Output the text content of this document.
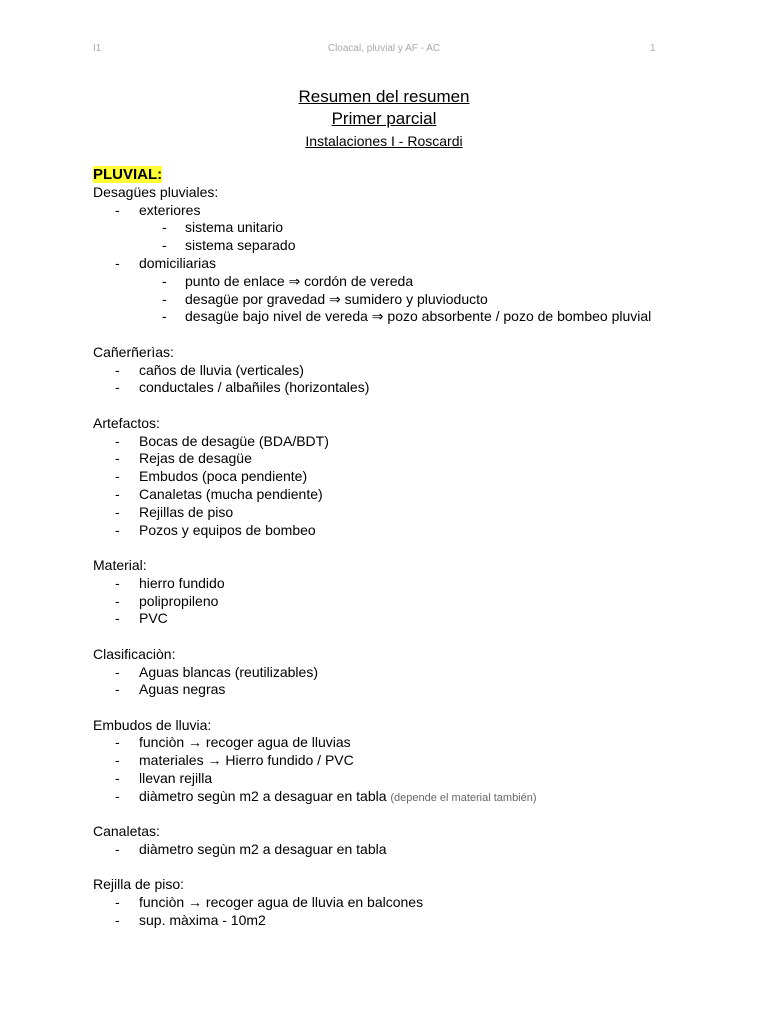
I1	Cloacal, pluvial y AF - AC	1
Resumen del resumen
Primer parcial
Instalaciones I - Roscardi
PLUVIAL:
Desagües pluviales:
- exteriores
- sistema unitario
- sistema separado
- domiciliarias
- punto de enlace ⇒ cordón de vereda
- desagüe por gravedad ⇒ sumidero y pluvioducto
- desagüe bajo nivel de vereda ⇒ pozo absorbente / pozo de bombeo pluvial
Cañerñerìas:
- caños de lluvia (verticales)
- conductales / albañiles (horizontales)
Artefactos:
- Bocas de desagüe (BDA/BDT)
- Rejas de desagüe
- Embudos (poca pendiente)
- Canaletas (mucha pendiente)
- Rejillas de piso
- Pozos y equipos de bombeo
Material:
- hierro fundido
- polipropileno
- PVC
Clasificaciòn:
- Aguas blancas (reutilizables)
- Aguas negras
Embudos de lluvia:
- funciòn → recoger agua de lluvias
- materiales → Hierro fundido / PVC
- llevan rejilla
- diàmetro segùn m2 a desaguar en tabla (depende el material también)
Canaletas:
- diàmetro segùn m2 a desaguar en tabla
Rejilla de piso:
- funciòn → recoger agua de lluvia en balcones
- sup. màxima - 10m2
